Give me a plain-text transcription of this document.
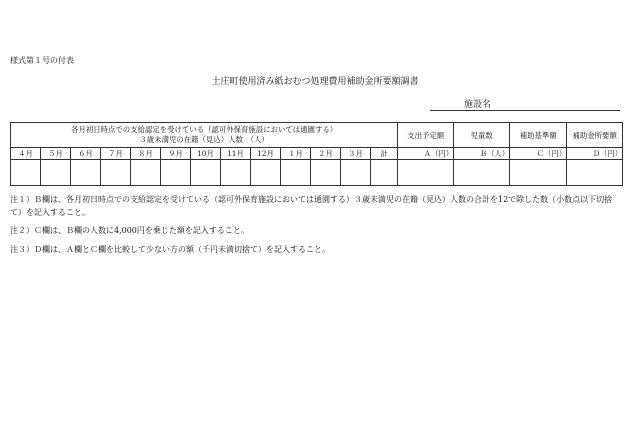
様式第１号の付表
土庄町使用済み紙おむつ処理費用補助金所要額調書
施設名
各月初日時点での支給認定を受けている（認可外保育施設においては通園する）
３歳未満児の在籍（見込）人数　（人）													支出予定額	児童数	補助基準額	補助金所要額
４月	５月	６月	７月	８月	９月	10月	11月	12月	１月	２月	３月	計	Ａ（円）	Ｂ（人）	Ｃ（円）	Ｄ（円）

注１）Ｂ欄は、各月初日時点での支給認定を受けている（認可外保育施設においては通園する）３歳未満児の在籍（見込）人数の合計を12で除した数（小数点以下切捨て）を記入すること。

注２）Ｃ欄は、Ｂ欄の人数に4,000円を乗じた額を記入すること。

注３）Ｄ欄は、Ａ欄とＣ欄を比較して少ない方の額（千円未満切捨て）を記入すること。
